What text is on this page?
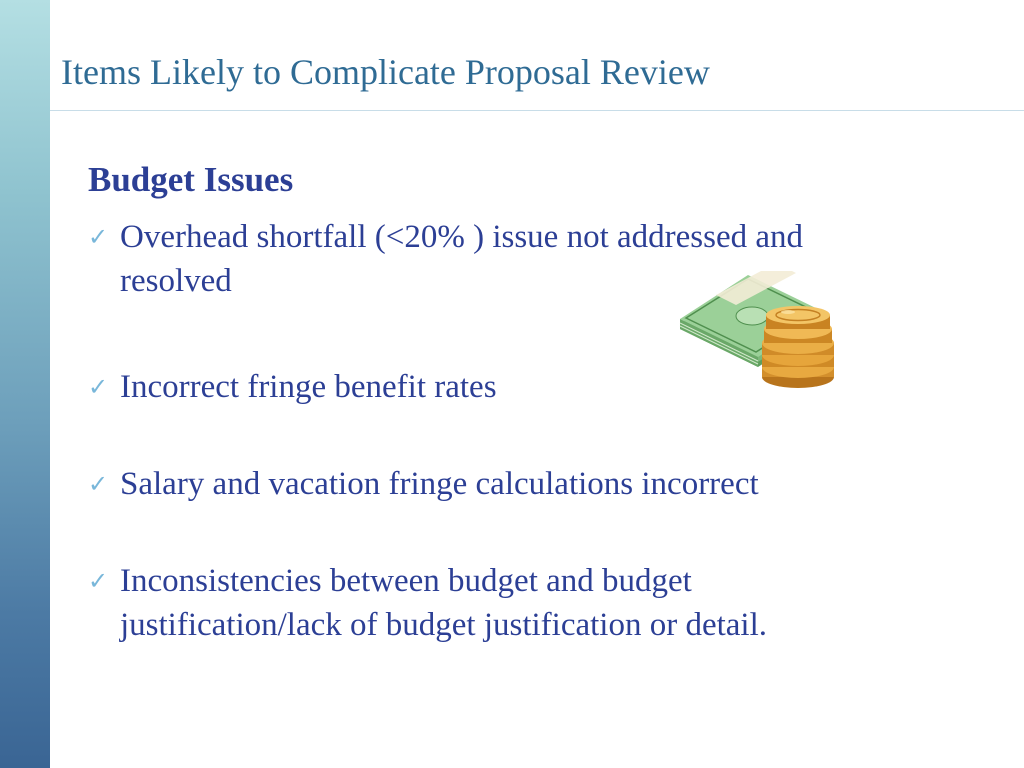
Items Likely to Complicate Proposal Review
Budget Issues
✓ Overhead shortfall (<20% ) issue not addressed and resolved
✓ Incorrect fringe benefit rates
✓ Salary and vacation fringe calculations incorrect
✓ Inconsistencies between budget and budget justification/lack of budget justification or detail.
